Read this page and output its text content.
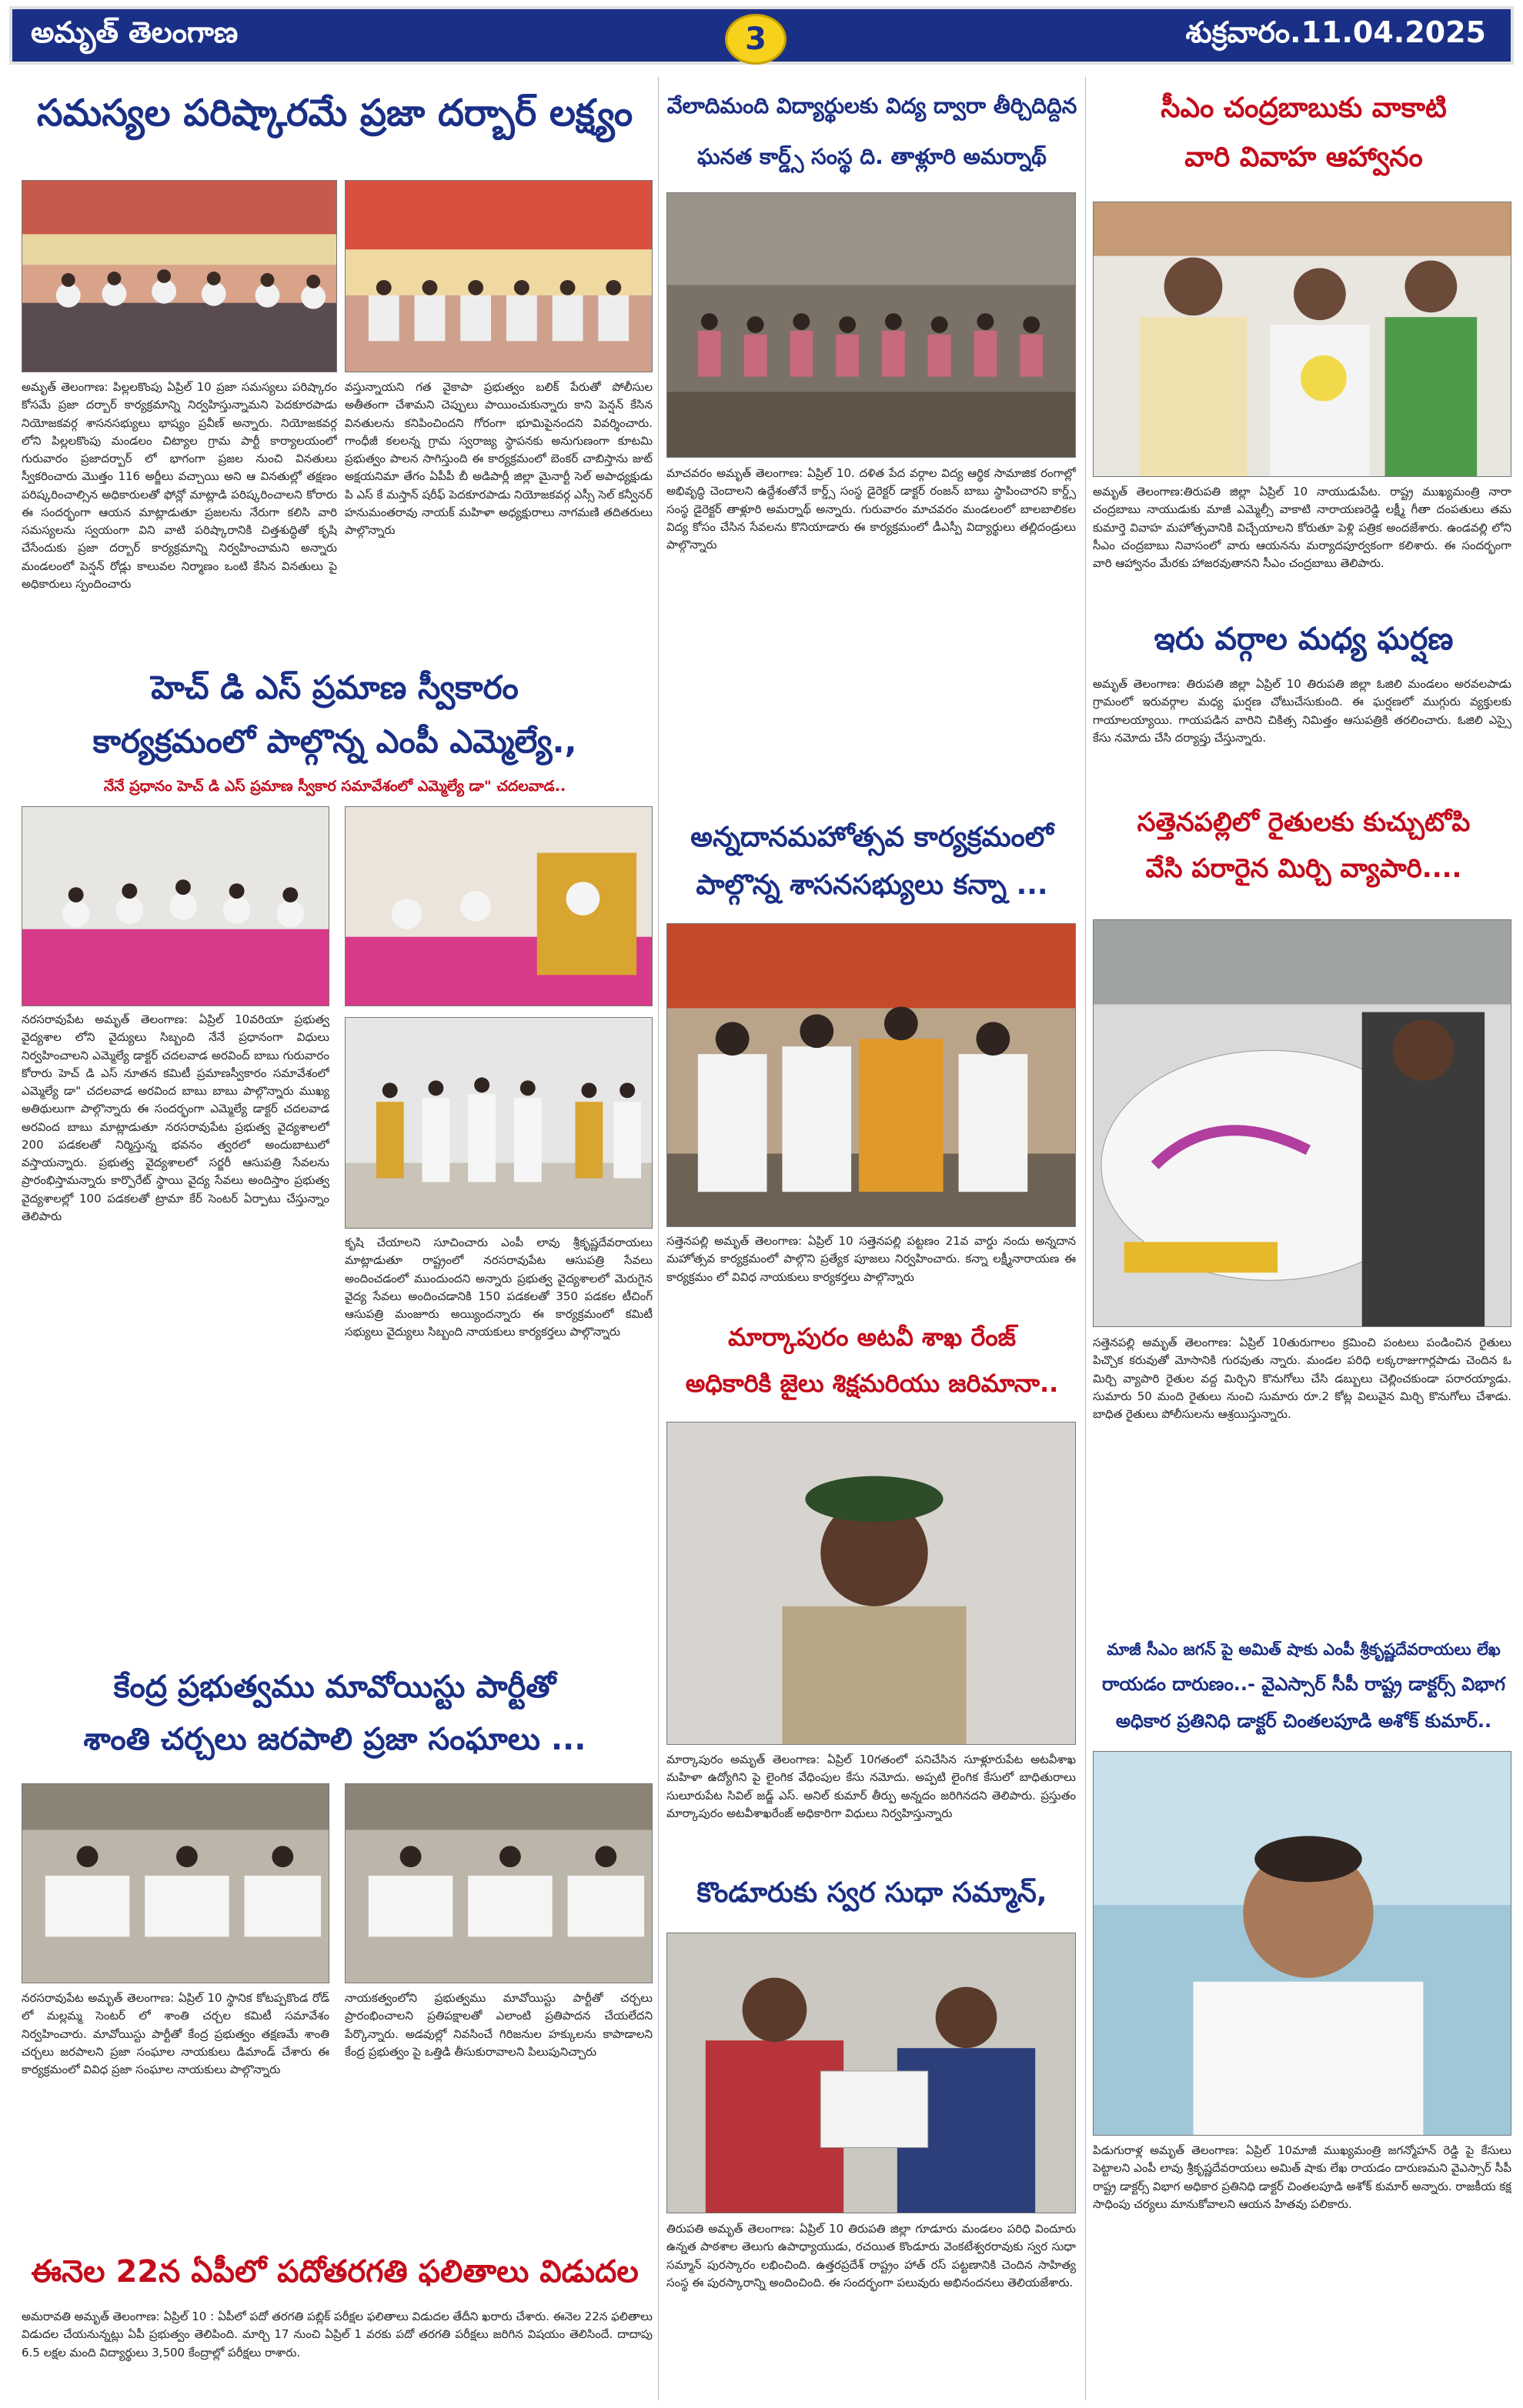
అమృత్ తెలంగాణ	శుక్రవారం.11.04.2025
3
సమస్యల పరిష్కారమే ప్రజా దర్బార్ లక్ష్యం
అమృత్ తెలంగాణ: పిల్లలకొంపు ఏప్రిల్ 10 ప్రజా సమస్యలు పరిష్కారం కోసమే ప్రజా దర్బార్ కార్యక్రమాన్ని నిర్వహిస్తున్నామని పెదకూరపాడు నియోజకవర్గ శాసనసభ్యులు భాష్యం ప్రవీణ్ అన్నారు. నియోజకవర్గ లోని పిల్లలకొంపు మండలం చిట్యాల గ్రామ పార్టీ కార్యాలయంలో గురువారం ప్రజాదర్బార్ లో భాగంగా ప్రజల నుంచి వినతులు స్వీకరించారు మొత్తం 116 అర్జీలు వచ్చాయి అని ఆ వినతుల్లో తక్షణం పరిష్కరించాల్సిన అధికారులతో ఫోన్లో మాట్లాడి పరిష్కరించాలని కోరారు ఈ సందర్భంగా ఆయన మాట్లాడుతూ ప్రజలను నేరుగా కలిసి వారి సమస్యలను స్వయంగా విని వాటి పరిష్కారానికి చిత్తశుద్ధితో కృషి చేసేందుకు ప్రజా దర్బార్ కార్యక్రమాన్ని నిర్వహించామని అన్నారు మండలంలో పెన్షన్ రోడ్లు కాలువల నిర్మాణం ఒంటి కేసిన వినతులు పై అధికారులు స్పందించారు
వస్తున్నాయని గత వైకాపా ప్రభుత్వం బలిక్ పేరుతో పోలీసుల అతీతంగా చేశామని చెప్పులు పాయించుకున్నారు కాని పెన్షన్ కేసిన వినతులను కనిపించిందని గోరంగా భూమిపైనందని వివర్శించారు. గాంధీజీ కలలన్న గ్రామ స్వరాజ్య స్థాపనకు అనుగుణంగా కూటమి ప్రభుత్వం పాలన సాగిస్తుంది ఈ కార్యక్రమంలో బెంకర్ చాబిస్తాను జుట్ అక్షయనిమా తేగం ఏపీపీ బీ అడిపార్లీ జిల్లా మైనార్టీ సెల్ అపాధ్యక్షుడు పి ఎస్ కే మస్తాన్ షరీఫ్ పెదకూరపాడు నియోజకవర్గ ఎస్సీ సెల్ కన్వీనర్ హనుమంతరావు నాయక్ మహిళా అధ్యక్షురాలు నాగమణి తదితరులు పాల్గొన్నారు
హెచ్ డి ఎస్ ప్రమాణ స్వీకారం
కార్యక్రమంలో పాల్గొన్న ఎంపీ ఎమ్మెల్యే.,
నేనే ప్రధానం హెచ్ డి ఎస్ ప్రమాణ స్వీకార సమావేశంలో ఎమ్మెల్యే డా" చదలవాడ..
నరసరావుపేట అమృత్ తెలంగాణ: ఏప్రిల్ 10వరియా ప్రభుత్వ వైద్యశాల లోని వైద్యులు సిబ్బంది నేనే ప్రధానంగా విధులు నిర్వహించాలని ఎమ్మెల్యే డాక్టర్ చదలవాడ అరవింద్ బాబు గురువారం కోరారు హెచ్ డి ఎస్ నూతన కమిటీ ప్రమాణస్వీకారం సమావేశంలో ఎమ్మెల్యే డా" చదలవాడ అరవింద బాబు బాబు పాల్గొన్నారు ముఖ్య అతిథులుగా పాల్గొన్నారు ఈ సందర్భంగా ఎమ్మెల్యే డాక్టర్ చదలవాడ అరవింద బాబు మాట్లాడుతూ నరసరావుపేట ప్రభుత్వ వైద్యశాలలో 200 పడకలతో నిర్మిస్తున్న భవనం త్వరలో అందుబాటులో వస్తాయన్నారు. ప్రభుత్వ వైద్యశాలలో సర్జరీ ఆసుపత్రి సేవలను ప్రారంభిస్తామన్నారు కార్పొరేట్ స్థాయి వైద్య సేవలు అందిస్తాం ప్రభుత్వ వైద్యశాలల్లో 100 పడకలతో ట్రామా కేర్ సెంటర్ ఏర్పాటు చేస్తున్నాం తెలిపారు
కృషి చేయాలని సూచించారు ఎంపీ లావు శ్రీకృష్ణదేవరాయలు మాట్లాడుతూ రాష్ట్రంలో నరసరావుపేట ఆసుపత్రి సేవలు అందించడంలో ముందుందని అన్నారు ప్రభుత్వ వైద్యశాలలో మెరుగైన వైద్య సేవలు అందించడానికి 150 పడకలతో 350 పడకల టీచింగ్ ఆసుపత్రి మంజూరు అయ్యిందన్నారు ఈ కార్యక్రమంలో కమిటీ సభ్యులు వైద్యులు సిబ్బంది నాయకులు కార్యకర్తలు పాల్గొన్నారు
కేంద్ర ప్రభుత్వము మావోయిస్టు పార్టీతో
శాంతి చర్చలు జరపాలి ప్రజా సంఘాలు ...
నరసరావుపేట అమృత్ తెలంగాణ: ఏప్రిల్ 10 స్థానిక కోటప్పకొండ రోడ్ లో మల్లమ్మ సెంటర్ లో శాంతి చర్చల కమిటీ సమావేశం నిర్వహించారు. మావోయిస్టు పార్టీతో కేంద్ర ప్రభుత్వం తక్షణమే శాంతి చర్చలు జరపాలని ప్రజా సంఘాల నాయకులు డిమాండ్ చేశారు ఈ కార్యక్రమంలో వివిధ ప్రజా సంఘాల నాయకులు పాల్గొన్నారు
నాయకత్వంలోని ప్రభుత్వము మావోయిస్టు పార్టీతో చర్చలు ప్రారంభించాలని ప్రతిపక్షాలతో ఎలాంటి ప్రతిపాదన చేయలేదని పేర్కొన్నారు. అడవుల్లో నివసించే గిరిజనుల హక్కులను కాపాడాలని కేంద్ర ప్రభుత్వం పై ఒత్తిడి తీసుకురావాలని పిలుపునిచ్చారు
ఈనెల 22న ఏపీలో పదోతరగతి ఫలితాలు విడుదల
అమరావతి అమృత్ తెలంగాణ: ఏప్రిల్ 10 : ఏపీలో పదో తరగతి పబ్లిక్ పరీక్షల ఫలితాలు విడుదల తేదీని ఖరారు చేశారు. ఈనెల 22న ఫలితాలు విడుదల చేయనున్నట్లు ఏపీ ప్రభుత్వం తెలిపింది. మార్చి 17 నుంచి ఏప్రిల్ 1 వరకు పదో తరగతి పరీక్షలు జరిగిన విషయం తెలిసిందే. దాదాపు 6.5 లక్షల మంది విద్యార్థులు 3,500 కేంద్రాల్లో పరీక్షలు రాశారు.
వేలాదిమంది విద్యార్థులకు విద్య ద్వారా తీర్చిదిద్దిన
ఘనత కార్డ్స్ సంస్థ ది. తాళ్లూరి అమర్నాథ్
మాచవరం అమృత్ తెలంగాణ: ఏప్రిల్ 10. దళిత పేద వర్గాల విద్య ఆర్థిక సామాజిక రంగాల్లో అభివృద్ధి చెందాలని ఉద్దేశంతోనే కార్డ్స్ సంస్థ డైరెక్టర్ డాక్టర్ రంజన్ బాబు స్థాపించారని కార్డ్స్ సంస్థ డైరెక్టర్ తాళ్లూరి అమర్నాథ్ అన్నారు. గురువారం మాచవరం మండలంలో బాలబాలికల విద్య కోసం చేసిన సేవలను కొనియాడారు ఈ కార్యక్రమంలో డీఎస్పీ విద్యార్థులు తల్లిదండ్రులు పాల్గొన్నారు
అన్నదానమహోత్సవ కార్యక్రమంలో
పాల్గొన్న శాసనసభ్యులు కన్నా ...
సత్తెనపల్లి అమృత్ తెలంగాణ: ఏప్రిల్ 10 సత్తెనపల్లి పట్టణం 21వ వార్డు నందు అన్నదాన మహోత్సవ కార్యక్రమంలో పాల్గొని ప్రత్యేక పూజలు నిర్వహించారు. కన్నా లక్ష్మీనారాయణ ఈ కార్యక్రమం లో వివిధ నాయకులు కార్యకర్తలు పాల్గొన్నారు
మార్కాపురం అటవీ శాఖ రేంజ్
అధికారికి జైలు శిక్షమరియు జరిమానా..
మార్కాపురం అమృత్ తెలంగాణ: ఏప్రిల్ 10గతంలో పనిచేసిన సూళ్లూరుపేట అటవీశాఖ మహిళా ఉద్యోగిని పై లైంగిక వేధింపుల కేసు నమోదు. అప్పటి లైంగిక కేసులో బాధితురాలు సులూరుపేట సివిల్ జడ్జ్ ఎస్. అనిల్ కుమార్ తీర్పు అన్నదం జరిగినదని తెలిపారు. ప్రస్తుతం మార్కాపురం అటవీశాఖరేంజ్ అధికారిగా విధులు నిర్వహిస్తున్నారు
కొండూరుకు స్వర సుధా సమ్మాన్,
తిరుపతి అమృత్ తెలంగాణ: ఏప్రిల్ 10 తిరుపతి జిల్లా గూడూరు మండలం పరిధి విందూరు ఉన్నత పాఠశాల తెలుగు ఉపాధ్యాయుడు, రచయిత కొండూరు వెంకటేశ్వరరావుకు స్వర సుధా సమ్మాన్ పురస్కారం లభించింది. ఉత్తరప్రదేశ్ రాష్ట్రం హాత్ రస్ పట్టణానికి చెందిన సాహిత్య సంస్థ ఈ పురస్కారాన్ని అందించింది. ఈ సందర్భంగా పలువురు అభినందనలు తెలియజేశారు.
సీఎం చంద్రబాబుకు వాకాటి
వారి వివాహ ఆహ్వానం
అమృత్ తెలంగాణ:తిరుపతి జిల్లా ఏప్రిల్ 10 నాయుడుపేట. రాష్ట్ర ముఖ్యమంత్రి నారా చంద్రబాబు నాయుడుకు మాజీ ఎమ్మెల్సీ వాకాటి నారాయణరెడ్డి లక్ష్మీ గీతా దంపతులు తమ కుమార్తె వివాహ మహోత్సవానికి విచ్చేయాలని కోరుతూ పెళ్లి పత్రిక అందజేశారు. ఉండవల్లి లోని సీఎం చంద్రబాబు నివాసంలో వారు ఆయనను మర్యాదపూర్వకంగా కలిశారు. ఈ సందర్భంగా వారి ఆహ్వానం మేరకు హాజరవుతానని సీఎం చంద్రబాబు తెలిపారు.
ఇరు వర్గాల మధ్య ఘర్షణ
అమృత్ తెలంగాణ: తిరుపతి జిల్లా ఏప్రిల్ 10 తిరుపతి జిల్లా ఓజిలి మండలం అరవలపాడు గ్రామంలో ఇరువర్గాల మధ్య ఘర్షణ చోటుచేసుకుంది. ఈ ఘర్షణలో ముగ్గురు వ్యక్తులకు గాయాలయ్యాయి. గాయపడిన వారిని చికిత్స నిమిత్తం ఆసుపత్రికి తరలించారు. ఓజిలి ఎస్సై కేసు నమోదు చేసి దర్యాప్తు చేస్తున్నారు.
సత్తెనపల్లిలో రైతులకు కుచ్చుటోపి
వేసి పరారైన మిర్చి వ్యాపారి....
సత్తెనపల్లి అమృత్ తెలంగాణ: ఏప్రిల్ 10తురుగాలం క్రమించి పంటలు పండించిన రైతులు పిచ్చొక కరువుతో మోసానికి గురవుతు న్నారు. మండల పరిధి లక్కరాజుగార్లపాడు చెందిన ఓ మిర్చి వ్యాపారి రైతుల వద్ద మిర్చిని కొనుగోలు చేసి డబ్బులు చెల్లించకుండా పరారయ్యాడు. సుమారు 50 మంది రైతులు నుంచి సుమారు రూ.2 కోట్ల విలువైన మిర్చి కొనుగోలు చేశాడు. బాధిత రైతులు పోలీసులను ఆశ్రయిస్తున్నారు.
మాజీ సీఎం జగన్ పై అమిత్ షాకు ఎంపీ శ్రీకృష్ణదేవరాయలు లేఖ
రాయడం దారుణం..- వైఎస్సార్ సీపీ రాష్ట్ర డాక్టర్స్ విభాగ
అధికార ప్రతినిధి డాక్టర్ చింతలపూడి అశోక్ కుమార్..
పిడుగురాళ్ల అమృత్ తెలంగాణ: ఏప్రిల్ 10మాజీ ముఖ్యమంత్రి జగన్మోహన్ రెడ్డి పై కేసులు పెట్టాలని ఎంపీ లావు శ్రీకృష్ణదేవరాయలు అమిత్ షాకు లేఖ రాయడం దారుణమని వైఎస్సార్ సీపీ రాష్ట్ర డాక్టర్స్ విభాగ అధికార ప్రతినిధి డాక్టర్ చింతలపూడి అశోక్ కుమార్ అన్నారు. రాజకీయ కక్ష సాధింపు చర్యలు మానుకోవాలని ఆయన హితవు పలికారు.
